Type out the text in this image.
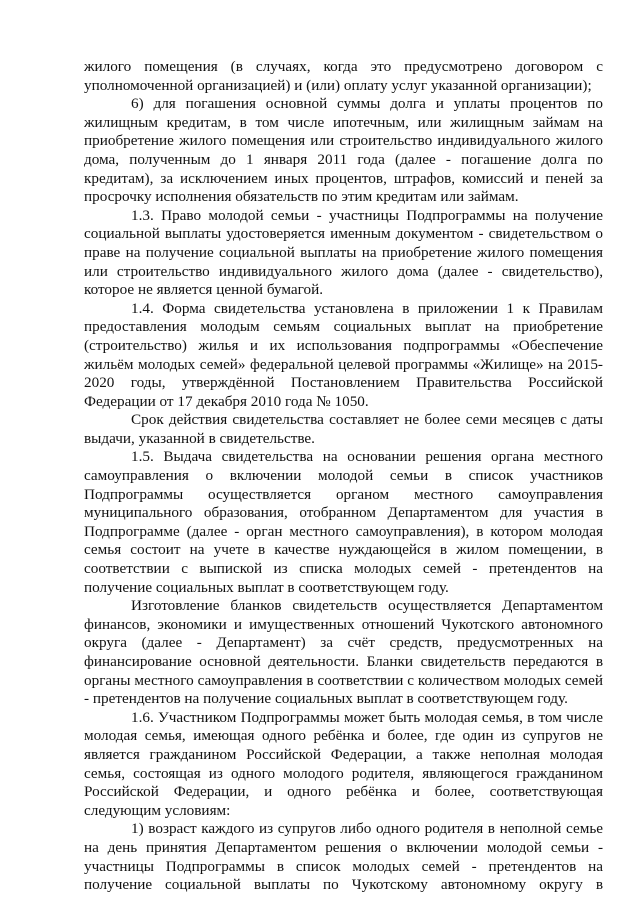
жилого помещения (в случаях, когда это предусмотрено договором с уполномоченной организацией) и (или) оплату услуг указанной организации);

6) для погашения основной суммы долга и уплаты процентов по жилищным кредитам, в том числе ипотечным, или жилищным займам на приобретение жилого помещения или строительство индивидуального жилого дома, полученным до 1 января 2011 года (далее - погашение долга по кредитам), за исключением иных процентов, штрафов, комиссий и пеней за просрочку исполнения обязательств по этим кредитам или займам.

1.3. Право молодой семьи - участницы Подпрограммы на получение социальной выплаты удостоверяется именным документом - свидетельством о праве на получение социальной выплаты на приобретение жилого помещения или строительство индивидуального жилого дома (далее - свидетельство), которое не является ценной бумагой.

1.4. Форма свидетельства установлена в приложении 1 к Правилам предоставления молодым семьям социальных выплат на приобретение (строительство) жилья и их использования подпрограммы «Обеспечение жильём молодых семей» федеральной целевой программы «Жилище» на 2015-2020 годы, утверждённой Постановлением Правительства Российской Федерации от 17 декабря 2010 года № 1050.

Срок действия свидетельства составляет не более семи месяцев с даты выдачи, указанной в свидетельстве.

1.5. Выдача свидетельства на основании решения органа местного самоуправления о включении молодой семьи в список участников Подпрограммы осуществляется органом местного самоуправления муниципального образования, отобранном Департаментом для участия в Подпрограмме (далее - орган местного самоуправления), в котором молодая семья состоит на учете в качестве нуждающейся в жилом помещении, в соответствии с выпиской из списка молодых семей - претендентов на получение социальных выплат в соответствующем году.

Изготовление бланков свидетельств осуществляется Департаментом финансов, экономики и имущественных отношений Чукотского автономного округа (далее - Департамент) за счёт средств, предусмотренных на финансирование основной деятельности. Бланки свидетельств передаются в органы местного самоуправления в соответствии с количеством молодых семей - претендентов на получение социальных выплат в соответствующем году.

1.6. Участником Подпрограммы может быть молодая семья, в том числе молодая семья, имеющая одного ребёнка и более, где один из супругов не является гражданином Российской Федерации, а также неполная молодая семья, состоящая из одного молодого родителя, являющегося гражданином Российской Федерации, и одного ребёнка и более, соответствующая следующим условиям:

1) возраст каждого из супругов либо одного родителя в неполной семье на день принятия Департаментом решения о включении молодой семьи - участницы Подпрограммы в список молодых семей - претендентов на получение социальной выплаты по Чукотскому автономному округу в
